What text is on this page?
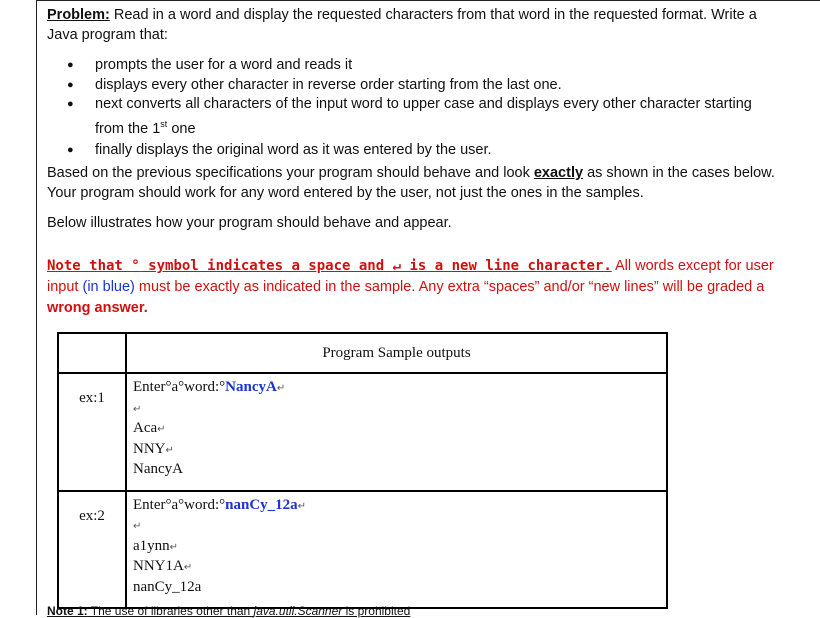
Problem: Read in a word and display the requested characters from that word in the requested format. Write a
Java program that:
● prompts the user for a word and reads it
● displays every other character in reverse order starting from the last one.
● next converts all characters of the input word to upper case and displays every other character starting from the 1st one
● finally displays the original word as it was entered by the user.
Based on the previous specifications your program should behave and look exactly as shown in the cases below.
Your program should work for any word entered by the user, not just the ones in the samples.
Below illustrates how your program should behave and appear.
Note that ° symbol indicates a space and ↵ is a new line character. All words except for user input (in blue) must be exactly as indicated in the sample. Any extra “spaces” and/or “new lines” will be graded a wrong answer.
	Program Sample outputs

ex:1	Enter°a°word:°NancyA↵
↵
Aca↵
NNY↵
NancyA

ex:2	Enter°a°word:°nanCy_12a↵
↵
a1ynn↵
NNY1A↵
nanCy_12a
Note 1: The use of libraries other than java.util.Scanner is prohibited
